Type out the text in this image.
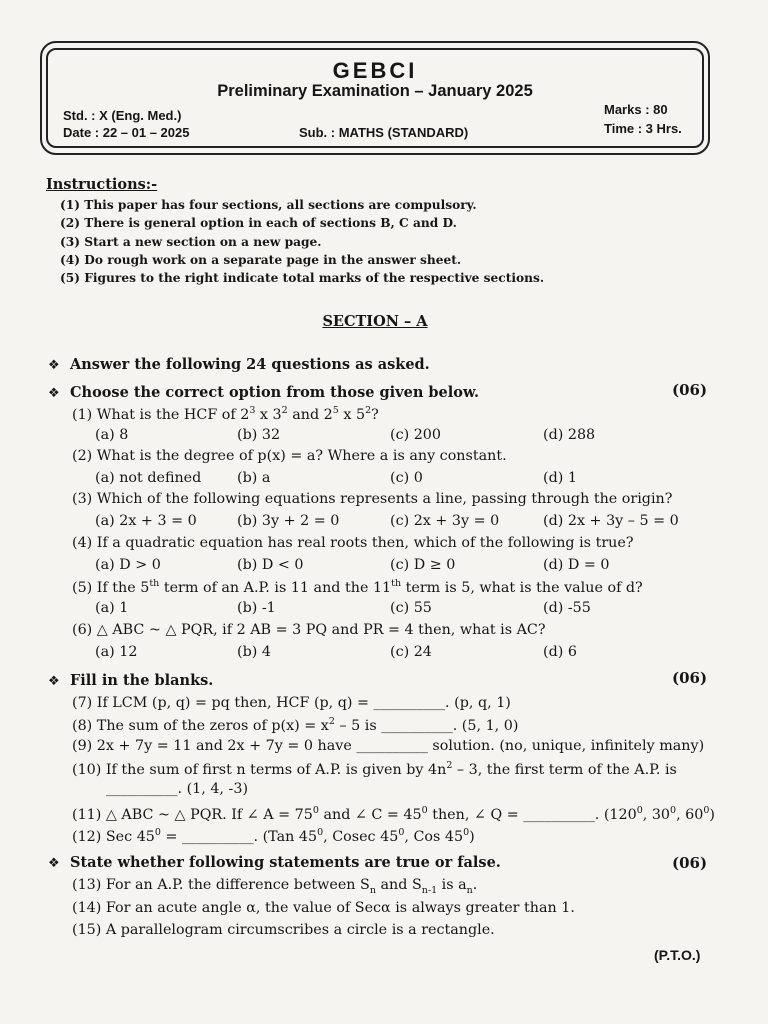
GEBCI
Preliminary Examination – January 2025
Std. : X (Eng. Med.)
Date : 22 – 01 – 2025	Sub. : MATHS (STANDARD)
Marks : 80
Time : 3 Hrs.
Instructions:-
(1) This paper has four sections, all sections are compulsory.
(2) There is general option in each of sections B, C and D.
(3) Start a new section on a new page.
(4) Do rough work on a separate page in the answer sheet.
(5) Figures to the right indicate total marks of the respective sections.
SECTION – A
❖ Answer the following 24 questions as asked.
❖ Choose the correct option from those given below.	(06)
(1) What is the HCF of $2^3$ x $3^2$ and $2^5$ x $5^2$?
(a) 8	(b) 32	(c) 200	(d) 288
(2) What is the degree of p(x) = a? Where a is any constant.
(a) not defined (b) a	(c) 0	(d) 1
(3) Which of the following equations represents a line, passing through the origin?
(a) 2x + 3 = 0	(b) 3y + 2 = 0	(c) 2x + 3y = 0	(d) 2x + 3y – 5 = 0
(4) If a quadratic equation has real roots then, which of the following is true?
(a) D > 0	(b) D < 0	(c) D ≥ 0	(d) D = 0
(5) If the 5th term of an A.P. is 11 and the 11th term is 5, what is the value of d?
(a) 1	(b) -1	(c) 55	(d) -55
(6) △ ABC ~ △ PQR, if 2 AB = 3 PQ and PR = 4 then, what is AC?
(a) 12	(b) 4	(c) 24	(d) 6
❖ Fill in the blanks.	(06)
(7) If LCM (p, q) = pq then, HCF (p, q) = __________. (p, q, 1)
(8) The sum of the zeros of $p(x) = x^2 - 5$ is __________. (5, 1, 0)
(9) 2x + 7y = 11 and 2x + 7y = 0 have __________ solution. (no, unique, infinitely many)
(10) If the sum of first n terms of A.P. is given by $4n^2 - 3$, the first term of the A.P. is
__________. (1, 4, -3)
(11) △ ABC ~ △ PQR. If ∠ $A = 75^0$ and ∠ $C = 45^0$ then, ∠ Q = __________. ($120^0$, $30^0$, $60^0$)
(12) Sec $45^0$ = __________. (Tan $45^0$, Cosec $45^0$, Cos $45^0$)
❖ State whether following statements are true or false.	(06)
(13) For an A.P. the difference between $S_n$ and $S_{n-1}$ is $a_n$.
(14) For an acute angle α, the value of Secα is always greater than 1.
(15) A parallelogram circumscribes a circle is a rectangle.
(P.T.O.)
